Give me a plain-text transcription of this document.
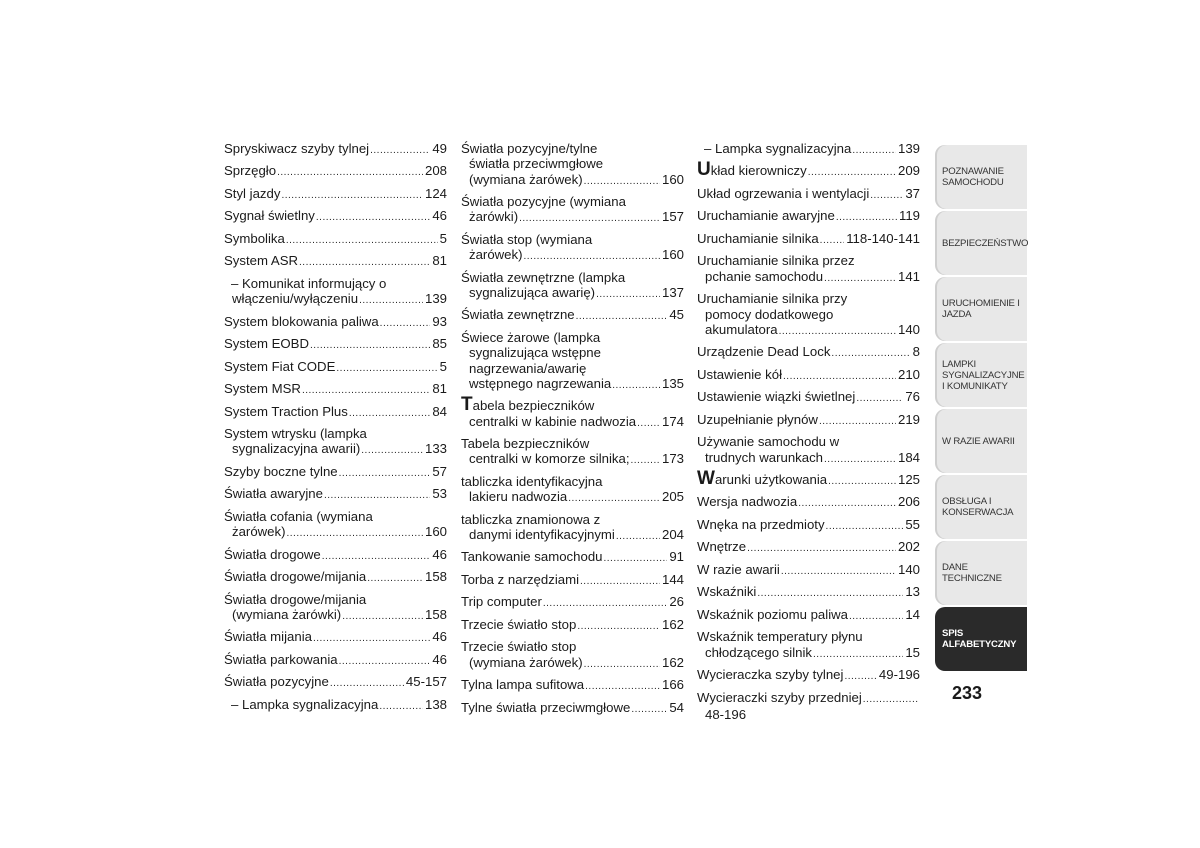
Spryskiwacz szyby tylnej .....	49
Sprzęgło .....	208
Styl jazdy .....	124
Sygnał świetlny .....	46
Symbolika .....	5
System ASR .....	81
– Komunikat informujący o
włączeniu/wyłączeniu .....	139
System blokowania paliwa .....	93
System EOBD .....	85
System Fiat CODE .....	5
System MSR .....	81
System Traction Plus .....	84
System wtrysku (lampka
sygnalizacyjna awarii) .....	133
Szyby boczne tylne .....	57
Światła awaryjne .....	53
Światła cofania (wymiana
żarówek) .....	160
Światła drogowe .....	46
Światła drogowe/mijania .....	158
Światła drogowe/mijania
(wymiana żarówki) .....	158
Światła mijania .....	46
Światła parkowania .....	46
Światła pozycyjne .....	45-157
– Lampka sygnalizacyjna .....	138
Światła pozycyjne/tylne
światła przeciwmgłowe
(wymiana żarówek) .....	160
Światła pozycyjne (wymiana
żarówki) .....	157
Światła stop (wymiana
żarówek) .....	160
Światła zewnętrzne (lampka
sygnalizująca awarię) .....	137
Światła zewnętrzne .....	45
Świece żarowe (lampka
sygnalizująca wstępne
nagrzewania/awarię
wstępnego nagrzewania .....	135
Tabela bezpieczników
centralki w kabinie nadwozia ..... 174
Tabela bezpieczników
centralki w komorze silnika; ..... 173
tabliczka identyfikacyjna
lakieru nadwozia .....	205
tabliczka znamionowa z
danymi identyfikacyjnymi .....	204
Tankowanie samochodu .....	91
Torba z narzędziami .....	144
Trip computer .....	26
Trzecie światło stop .....	162
Trzecie światło stop
(wymiana żarówek) .....	162
Tylna lampa sufitowa .....	166
Tylne światła przeciwmgłowe .....	54
– Lampka sygnalizacyjna .....	139
Układ kierowniczy .....	209
Układ ogrzewania i wentylacji .....	37
Uruchamianie awaryjne .....	119
Uruchamianie silnika ..... 118-140-141
Uruchamianie silnika przez
pchanie samochodu .....	141
Uruchamianie silnika przy
pomocy dodatkowego
akumulatora .....	140
Urządzenie Dead Lock .....	8
Ustawienie kół .....	210
Ustawienie wiązki świetlnej .....	76
Uzupełnianie płynów .....	219
Używanie samochodu w
trudnych warunkach .....	184
Warunki użytkowania .....	125
Wersja nadwozia .....	206
Wnęka na przedmioty .....	55
Wnętrze .....	202
W razie awarii .....	140
Wskaźniki .....	13
Wskaźnik poziomu paliwa .....	14
Wskaźnik temperatury płynu
chłodzącego silnik .....	15
Wycieraczka szyby tylnej .....	49-196
Wycieraczki szyby przedniej
.....
48-196
POZNAWANIE SAMOCHODU
BEZPIECZEŃSTWO
URUCHOMIENIE I JAZDA
LAMPKI SYGNALIZACYJNE I KOMUNIKATY
W RAZIE AWARII
OBSŁUGA I KONSERWACJA
DANE TECHNICZNE
SPIS ALFABETYCZNY
233
